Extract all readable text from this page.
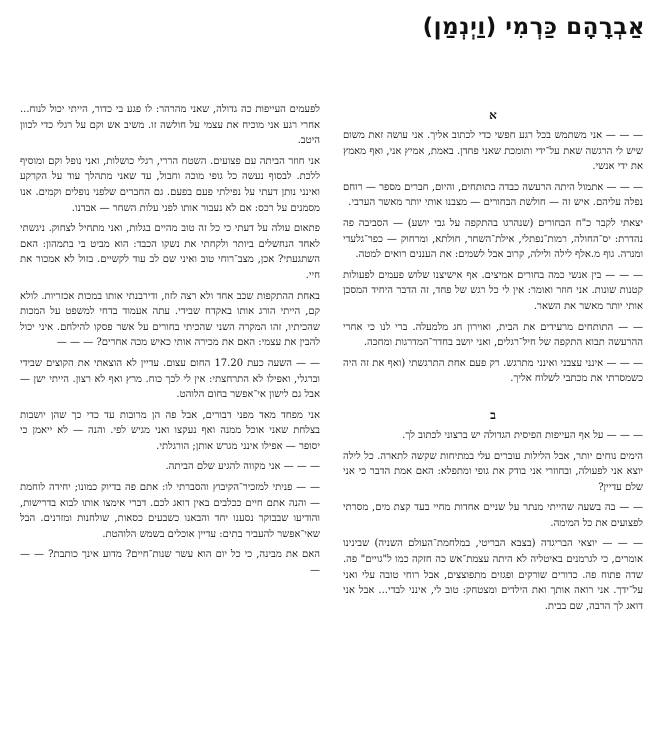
אַבְרָהָם כַּרְמִי (וַיְנְמַן)
א

— — — אני משתמש בכל רגע חפשי כדי לכתוב אליך. אני עושה זאת משום שיש לי הרגשה שאת על־ידי ותומכת שאני פחדן. באמת, אמיץ אני, ואף מאמץ את ידי אנשי.

— — — אתמול היתה הרעשה כבדה בתותחים, והיום, חברים מספר — רוחם נפלה עליהם. איש זה — חולשת הבחורים — מצבנו אותי יותר מאשר הערבי.

יצאתי לקבר כ"ח הבחורים (שנהרגו בהתקפה על גבי יושע) — הסביבה פה נהדרת: יס־החולה, רמות־נפתלי, אילת־השחר, חולתא, ומרחוק — כפר־גלעדי ומנרה. גוף מ.אלף לילה ולילה, קרוב אבל לשמים: את העננים רואים למטה.

— — — בין אנשי כמה בחורים אמיצים. אף אישיצנו שלוש פעמים לפעולות קטנות שונות. אני חוזר ואומר: אין לי כל רגש של פחד, זה הדבר היחיד המסכן אותי יותר מאשר את השאר.

— — התותחים מרעידים את הבית, ואוירון חג מלמעלה. ברי לנו כי אחרי ההרעשה תבוא התקפה של חיל־רגלים, ואני יושב בחדר־המדרגות ומחכה.

— — — אינני עצבני ואינני מתרגש. רק פעם אחת התרגשתי (ואף את זה היה כשמסרתי את מכתבי לשלוח אליך.

ב

— — — על אף העייפות הפיסית הגדולה יש ברצוני לכתוב לך.

הימים נוחים יותר, אבל הלילות עוברים עלי במתיחות שקשה לתארה. כל לילה יוצא אני לפעולה, ובחוזרי אני בודק את גופי ומתפלא: האם אמת הדבר כי אני שלם עדיין?

— — בה בשעה שהייתי מנתר על שניים אחדות מחיי בעד קצת מים, מסרתי לפצועים את כל המימה.

— — — יוצאי הבריגדה (בצבא הבריטי, במלחמת־העולם השניה) שבינינו אומרים, כי לגרמנים באיטליה לא היתה עצמת־אש כה חזקה כמו ל"גויים" פה. שדה פתוח פה. כדורים שורקים ופגזים מתפוצצים, אבל רוחי טובה עלי ואני על־ידך. אני רואה אותך ואת הילדים ומצטחק: טוב לי, אינני לבדי... אבל אני דואג לך הרבה, שם בבית.

לפעמים העייפות כה גדולה, שאני מהרהר: לו פגע בי כדור, הייתי יכול לנוח... אחרי רגע אני מוכיח את עצמי על חולשה זו. משיב אש וקם על רגלי כדי לכוון היטב.

אני חוזר הביתה עם פצועים. השטח הררי, רגלי כושלות, ואני נופל וקם ומוסיף ללכת. לבסוף נעשה כל גופי מוכה וחבול, עד שאני מתהלך עוד על הקרקע ואינני נותן דעתי על נפילתי פעם בפעם. גם החברים שלפני נופלים וקמים. אנו מסמנים על רכס: אם לא נעבור אותו לפני עלות השחר — אבדנו.

פתאום עולה על דעתי כי כל זה טוב מהיים בגלות, ואני מתחיל לצחוק. ניגשתי לאחד הנחשלים ביותר ולקחתי את נשקו הכבד: הוא מביט בי בתמהון: האם השתגעתי? אכן, מצב־רוחי טוב ואיני שם לב עוד לקשיים. בזול לא אמכור את חיי.

באחת ההתקפות שכב אחד ולא רצה לזוז, ודירבנתי אותו במכות אכזריות. לולא קם, הייתי הורג אותו באקדח שבידי. עתה אעמוד בדחי למשפט על המכות שהכיתיו, זהו המקרה השני שהכיתי בחורים על אשר פסקו להילחם. איני יכול להבין את עצמי: האם את מכירה אותי כאיש מכה אחרים? — — —

— — השעה כעת 17.20 החום עצום. עדיין לא הוצאתי את הקוצים שבידי וברגלי, ואפילו לא התרחצתי: אין לי לכך כוח. מרץ ואף לא רצון. הייתי ישן — אבל גם לישון אי־אפשר בחום הלוהט.

אני מפחד מאד מפני דבורים, אבל פה הן מרובות עד כדי כך שהן יושבות בצלחת שאני אוכל ממנה ואף נעקצו ואני מגיש לפי. והנה — לא ייאמן כי יסופר — אפילו אינני מגרש אותן; הורגלתי.

— — — אני מקווה להגיע שלם הביתה.

— — פניתי למזכיר־הקיבוץ והסברתי לו: אתם פה בדיוק כמונו; יחידה לוחמת — והנה אתם חיים ככלבים באין דואג לכם. דברי אימצו אותו לבוא בדרישות, והודיעו שבבוקר נסענו יחד והבאנו כשבעים כסאות, שולחנות ומזרנים. הבל שאי־אפשר להעביר בתים: עדיין אוכלים בשמש הלוהטת.

האם את מבינה, כי כל יום הוא עשר שנות־חיים? מדוע אינך כותבת? — — —
